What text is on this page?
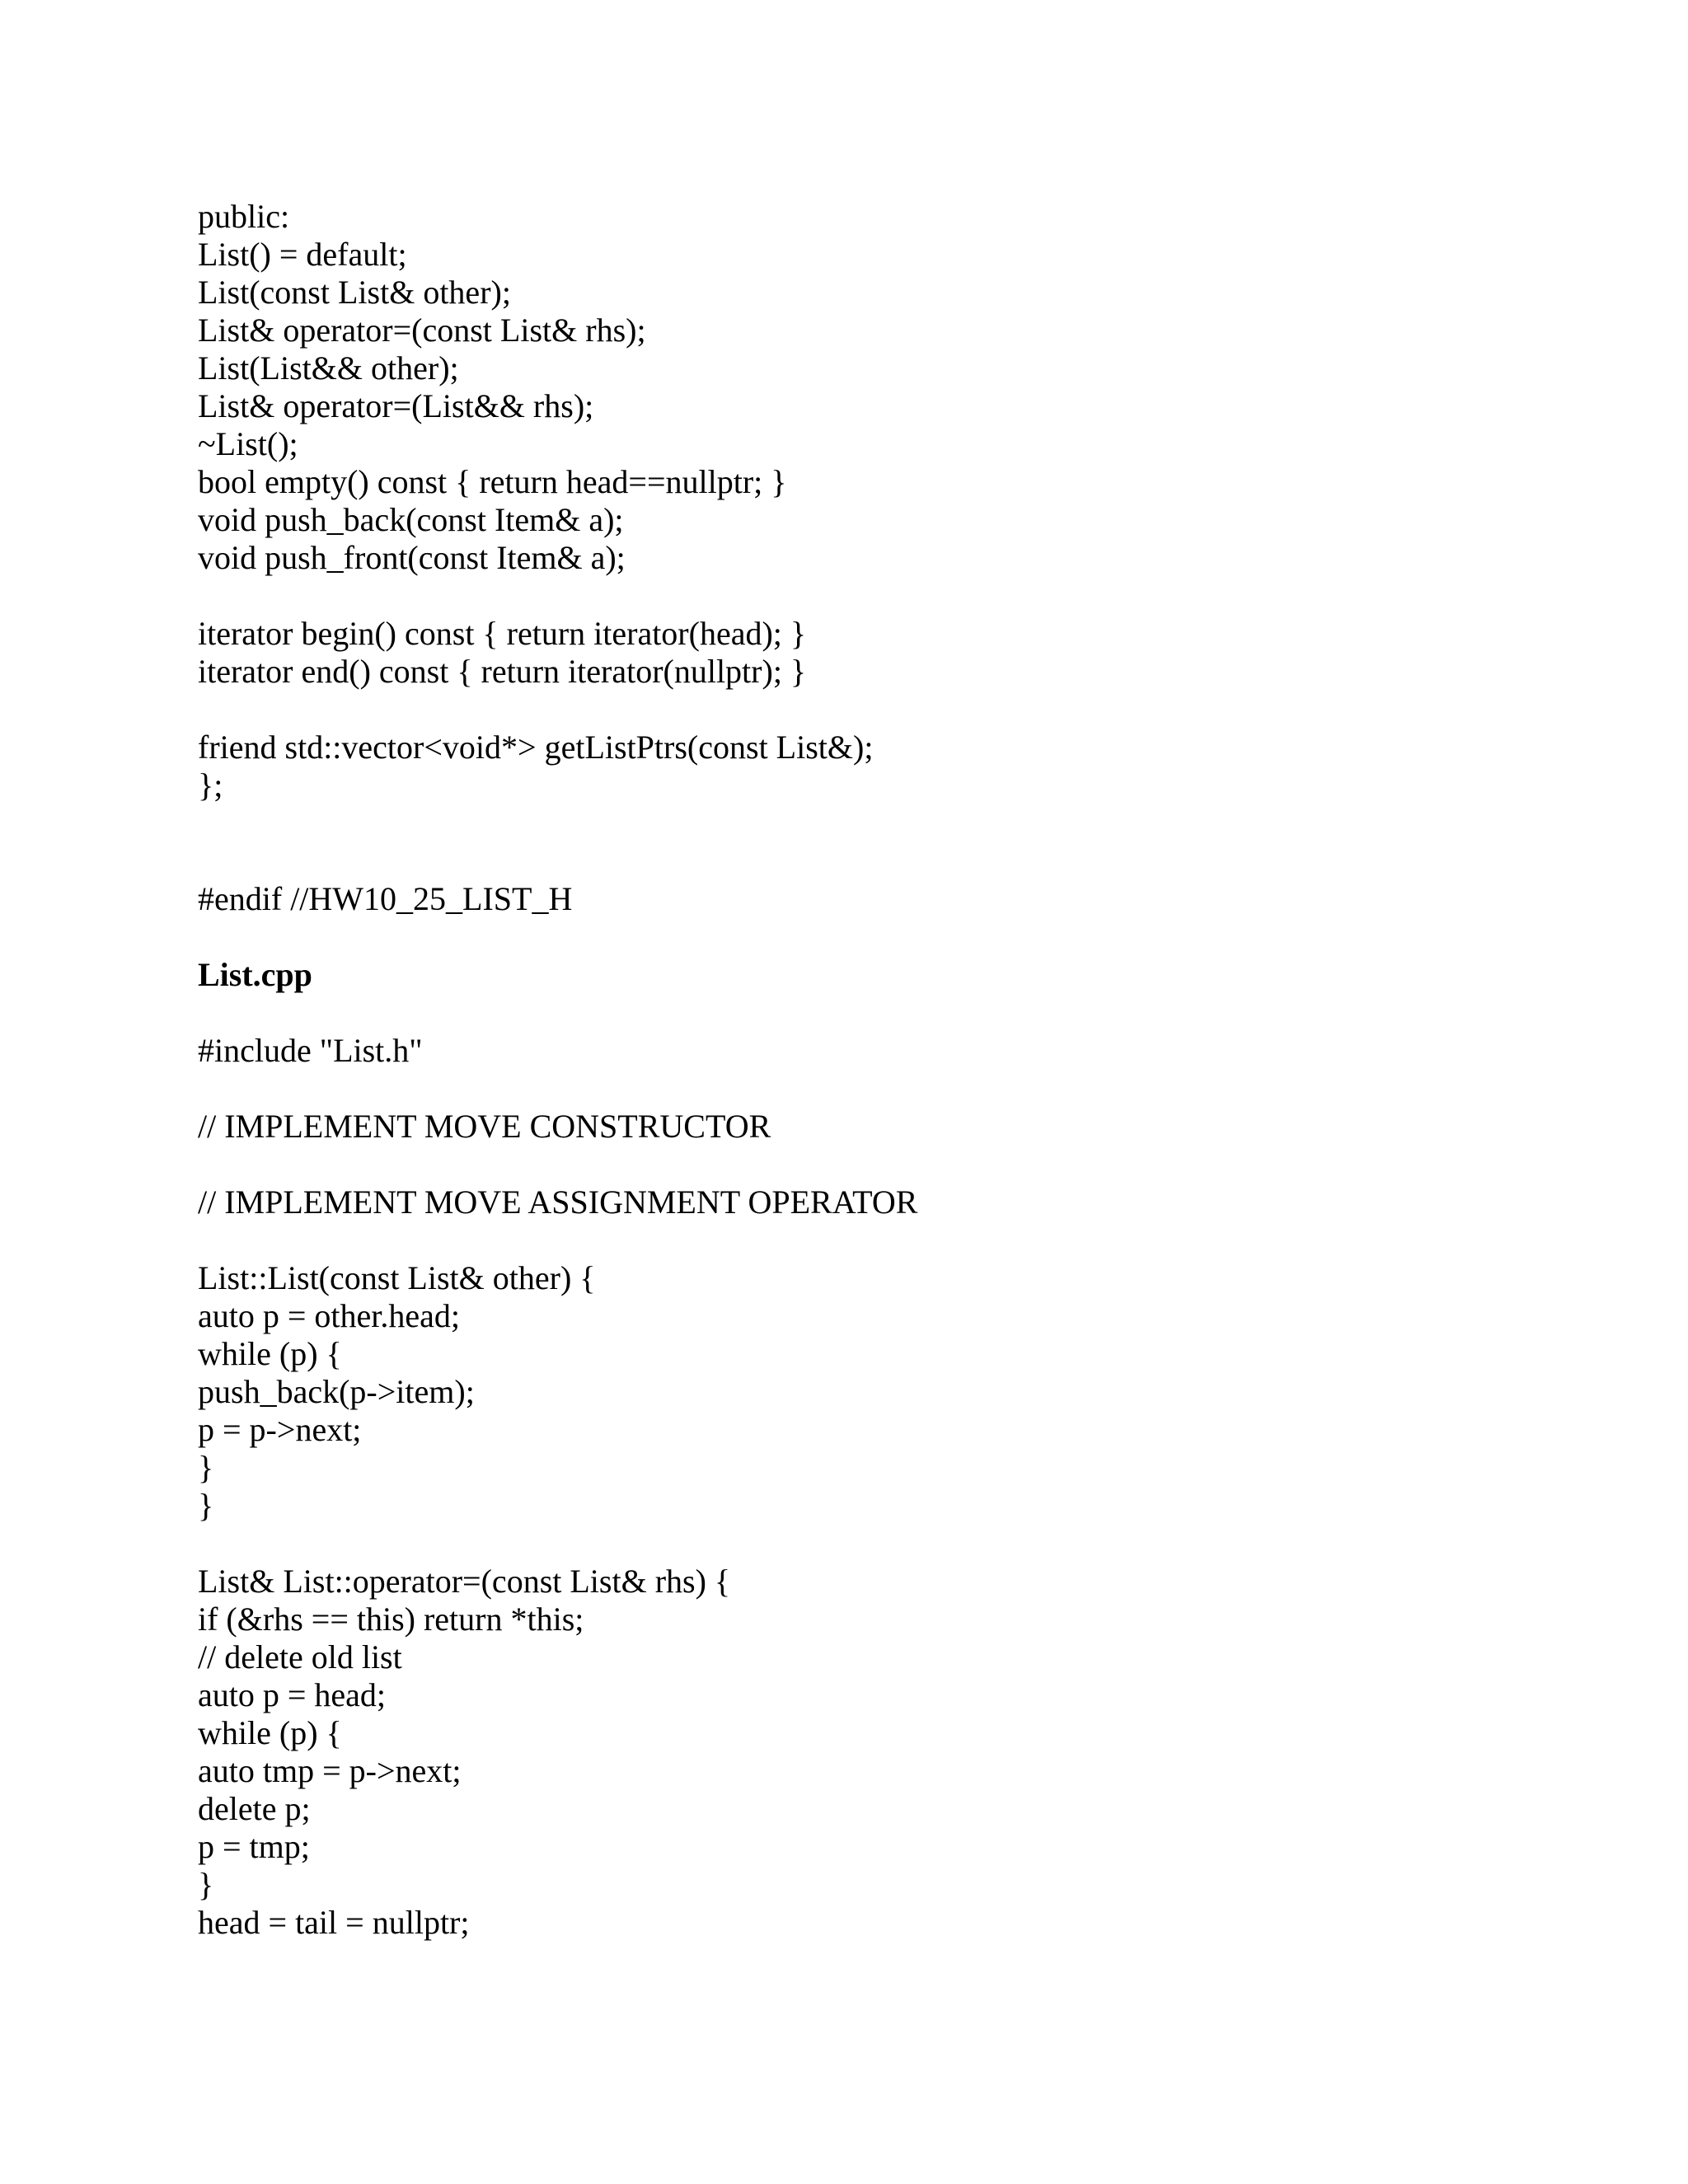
public:
List() = default;
List(const List& other);
List& operator=(const List& rhs);
List(List&& other);
List& operator=(List&& rhs);
~List();
bool empty() const { return head==nullptr; }
void push_back(const Item& a);
void push_front(const Item& a);
iterator begin() const { return iterator(head); }
iterator end() const { return iterator(nullptr); }
friend std::vector<void*> getListPtrs(const List&);
};
#endif //HW10_25_LIST_H
List.cpp
#include "List.h"
// IMPLEMENT MOVE CONSTRUCTOR
// IMPLEMENT MOVE ASSIGNMENT OPERATOR
List::List(const List& other) {
auto p = other.head;
while (p) {
push_back(p->item);
p = p->next;
}
}
List& List::operator=(const List& rhs) {
if (&rhs == this) return *this;
// delete old list
auto p = head;
while (p) {
auto tmp = p->next;
delete p;
p = tmp;
}
head = tail = nullptr;
